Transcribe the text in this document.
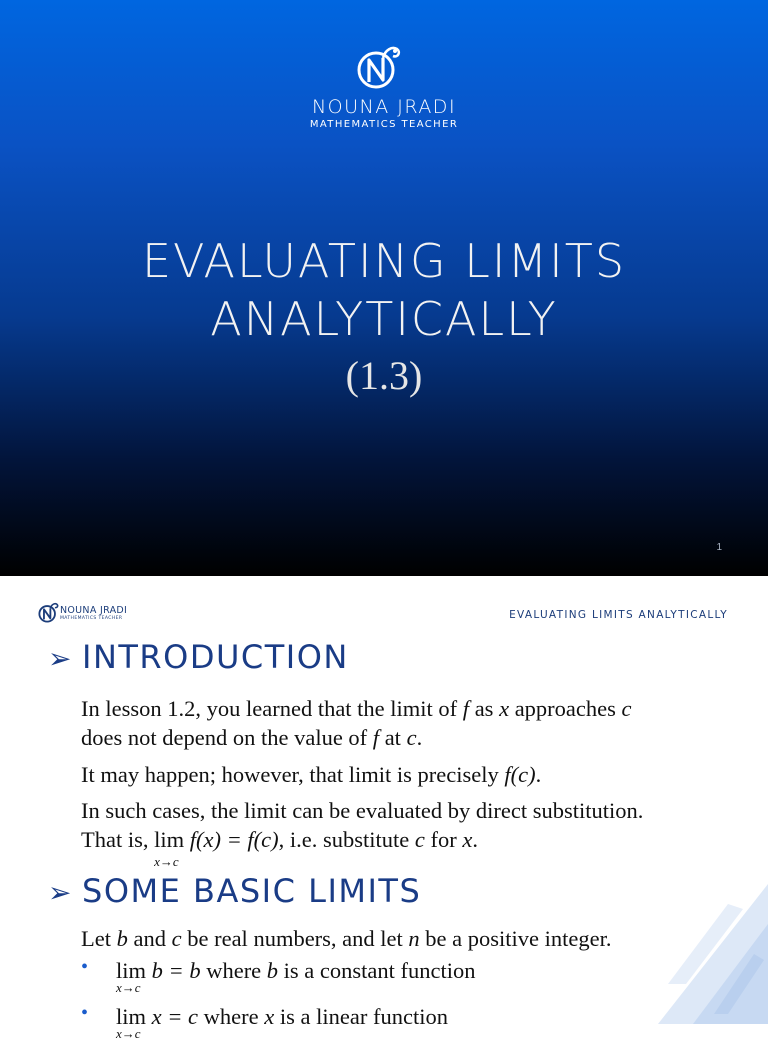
NOUNA JRADI
MATHEMATICS TEACHER
EVALUATING LIMITS
ANALYTICALLY
(1.3)
1
NOUNA JRADI
MATHEMATICS TEACHER	EVALUATING LIMITS ANALYTICALLY
➢ INTRODUCTION
In lesson 1.2, you learned that the limit of f as x approaches c
does not depend on the value of f at c.
It may happen; however, that limit is precisely f(c).
In such cases, the limit can be evaluated by direct substitution.
That is, lim
x→c
f(x) = f(c), i.e. substitute c for x.
➢ SOME BASIC LIMITS
Let b and c be real numbers, and let n be a positive integer.
• lim
x→c
b = b where b is a constant function
• lim
x→c
x = c where x is a linear function
